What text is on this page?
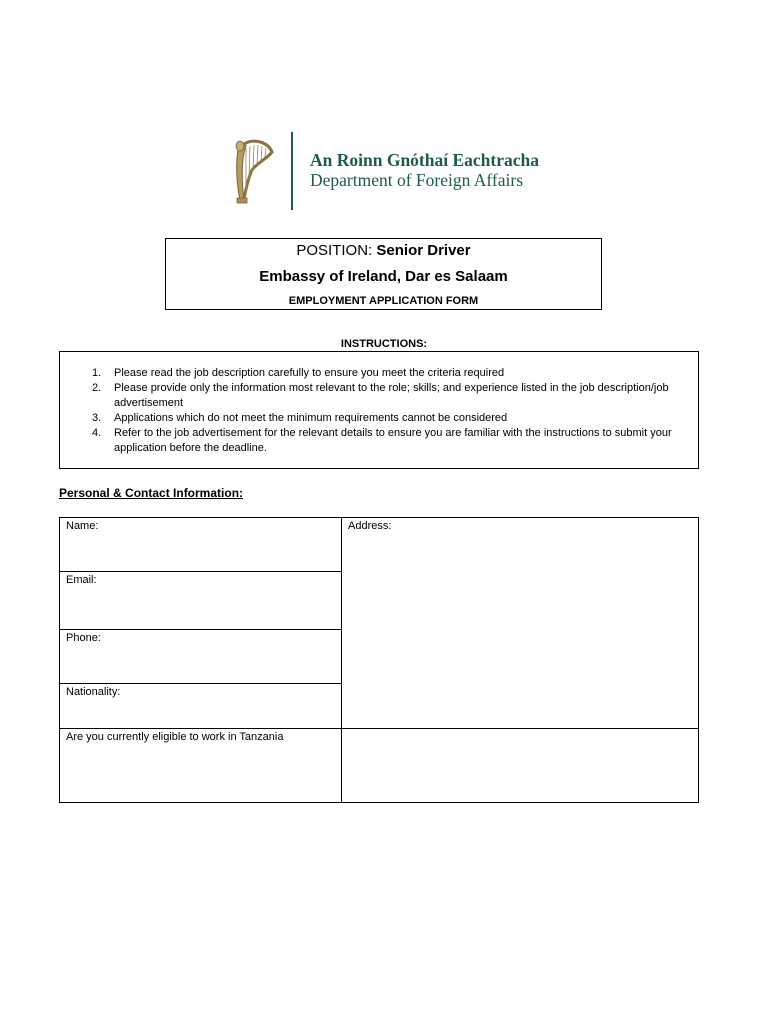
An Roinn Gnóthaí Eachtracha
Department of Foreign Affairs
POSITION: Senior Driver
Embassy of Ireland, Dar es Salaam
EMPLOYMENT APPLICATION FORM
INSTRUCTIONS:
1. Please read the job description carefully to ensure you meet the criteria required
2. Please provide only the information most relevant to the role; skills; and experience listed in the job description/job advertisement
3. Applications which do not meet the minimum requirements cannot be considered
4. Refer to the job advertisement for the relevant details to ensure you are familiar with the instructions to submit your application before the deadline.
Personal & Contact Information:
Name:
Email:
Phone:
Nationality:
Address:
Are you currently eligible to work in Tanzania
